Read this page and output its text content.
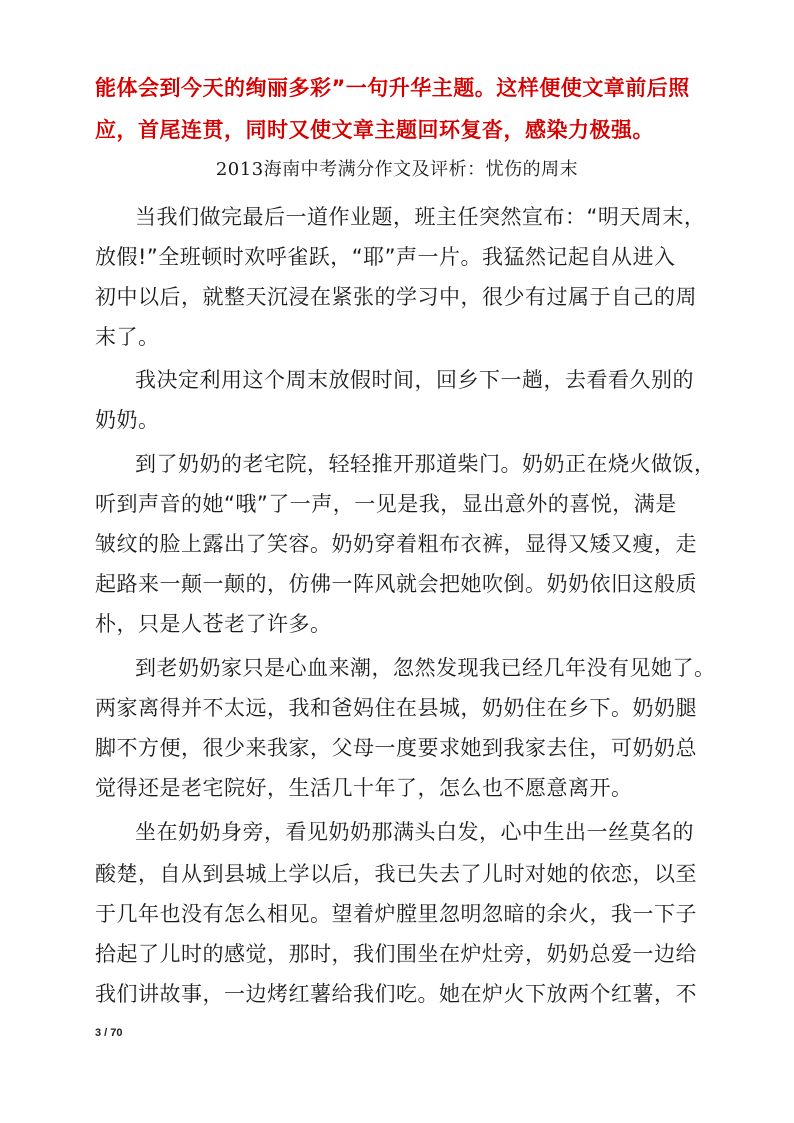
能体会到今天的绚丽多彩”一句升华主题。这样便使文章前后照
应，首尾连贯，同时又使文章主题回环复沓，感染力极强。
2013海南中考满分作文及评析：忧伤的周末
当我们做完最后一道作业题，班主任突然宣布：“明天周末，
放假!”全班顿时欢呼雀跃，“耶”声一片。我猛然记起自从进入
初中以后，就整天沉浸在紧张的学习中，很少有过属于自己的周
末了。
我决定利用这个周末放假时间，回乡下一趟，去看看久别的
奶奶。
到了奶奶的老宅院，轻轻推开那道柴门。奶奶正在烧火做饭，
听到声音的她“哦”了一声，一见是我，显出意外的喜悦，满是
皱纹的脸上露出了笑容。奶奶穿着粗布衣裤，显得又矮又瘦，走
起路来一颠一颠的，仿佛一阵风就会把她吹倒。奶奶依旧这般质
朴，只是人苍老了许多。
到老奶奶家只是心血来潮，忽然发现我已经几年没有见她了。
两家离得并不太远，我和爸妈住在县城，奶奶住在乡下。奶奶腿
脚不方便，很少来我家，父母一度要求她到我家去住，可奶奶总
觉得还是老宅院好，生活几十年了，怎么也不愿意离开。
坐在奶奶身旁，看见奶奶那满头白发，心中生出一丝莫名的
酸楚，自从到县城上学以后，我已失去了儿时对她的依恋，以至
于几年也没有怎么相见。望着炉膛里忽明忽暗的余火，我一下子
拾起了儿时的感觉，那时，我们围坐在炉灶旁，奶奶总爱一边给
我们讲故事，一边烤红薯给我们吃。她在炉火下放两个红薯，不
3 / 70
